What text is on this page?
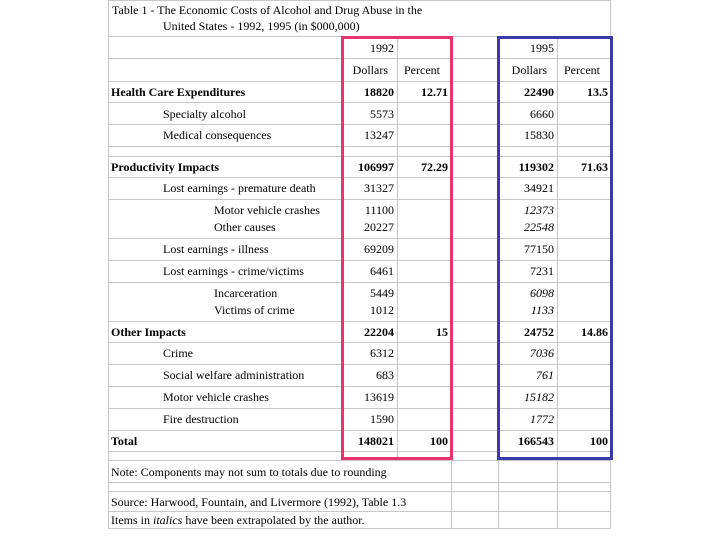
Table 1 - The Economic Costs of Alcohol and Drug Abuse in the
United States - 1992, 1995 (in $000,000)
1992	1995
Dollars Percent	Dollars Percent
Health Care Expenditures	18820	12.71	22490	13.5
Specialty alcohol	5573	6660
Medical consequences	13247	15830
Productivity Impacts	106997	72.29	119302	71.63
Lost earnings - premature death	31327	34921
Motor vehicle crashes	11100	12373
Other causes	20227	22548
Lost earnings - illness	69209	77150
Lost earnings - crime/victims	6461	7231
Incarceration	5449	6098
Victims of crime	1012	1133
Other Impacts	22204	15	24752	14.86
Crime	6312	7036
Social welfare administration	683	761
Motor vehicle crashes	13619	15182
Fire destruction	1590	1772
Total	148021	100	166543	100
Note: Components may not sum to totals due to rounding
Source: Harwood, Fountain, and Livermore (1992), Table 1.3
Items in italics have been extrapolated by the author.
